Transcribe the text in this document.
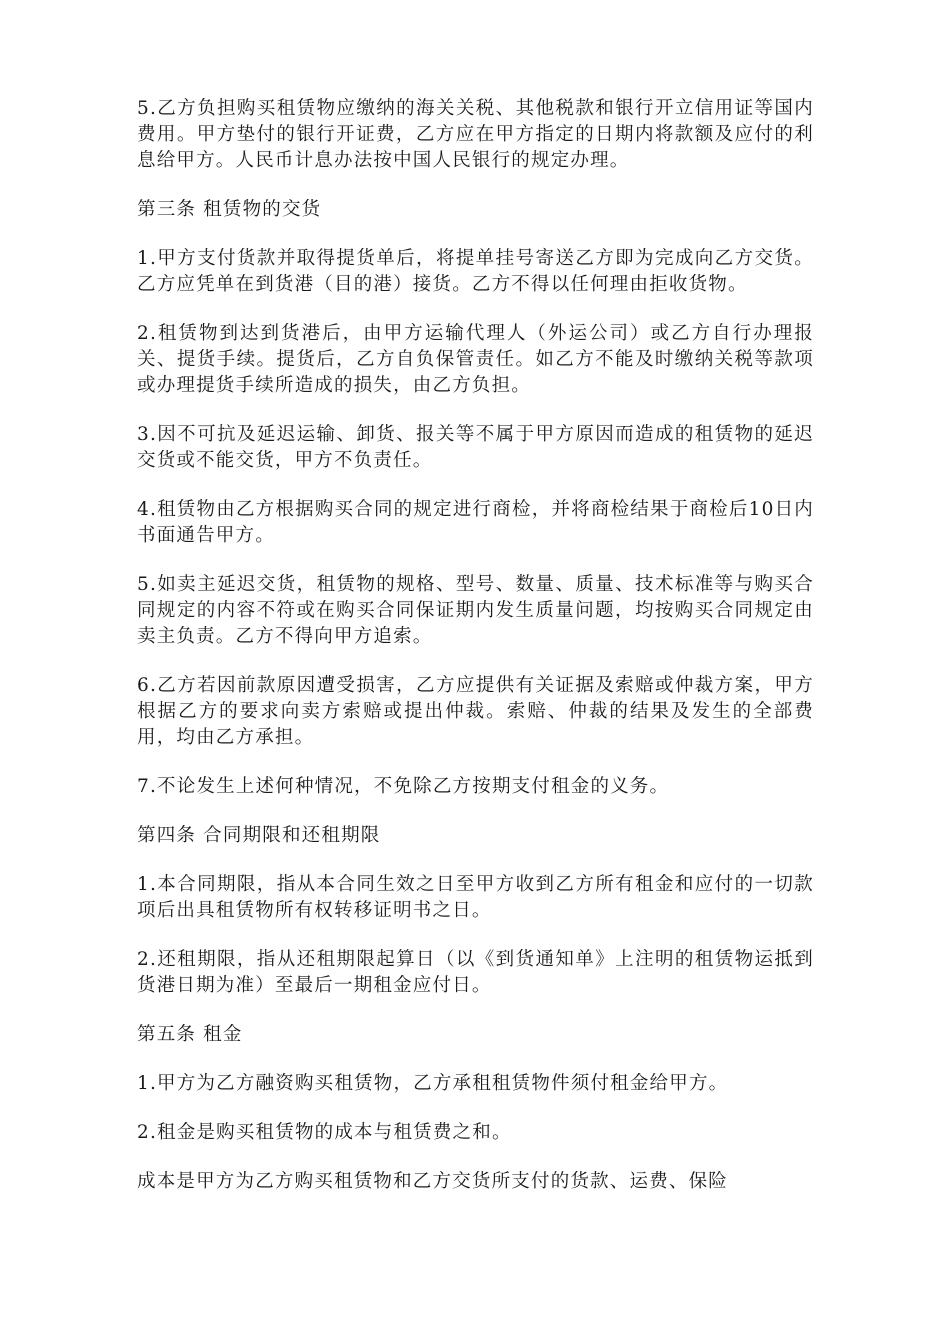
5.乙方负担购买租赁物应缴纳的海关关税、其他税款和银行开立信用证等国内费用。甲方垫付的银行开证费，乙方应在甲方指定的日期内将款额及应付的利息给甲方。人民币计息办法按中国人民银行的规定办理。

第三条 租赁物的交货

1.甲方支付货款并取得提货单后，将提单挂号寄送乙方即为完成向乙方交货。乙方应凭单在到货港（目的港）接货。乙方不得以任何理由拒收货物。

2.租赁物到达到货港后，由甲方运输代理人（外运公司）或乙方自行办理报关、提货手续。提货后，乙方自负保管责任。如乙方不能及时缴纳关税等款项或办理提货手续所造成的损失，由乙方负担。

3.因不可抗及延迟运输、卸货、报关等不属于甲方原因而造成的租赁物的延迟交货或不能交货，甲方不负责任。

4.租赁物由乙方根据购买合同的规定进行商检，并将商检结果于商检后10日内书面通告甲方。

5.如卖主延迟交货，租赁物的规格、型号、数量、质量、技术标准等与购买合同规定的内容不符或在购买合同保证期内发生质量问题，均按购买合同规定由卖主负责。乙方不得向甲方追索。

6.乙方若因前款原因遭受损害，乙方应提供有关证据及索赔或仲裁方案，甲方根据乙方的要求向卖方索赔或提出仲裁。索赔、仲裁的结果及发生的全部费用，均由乙方承担。

7.不论发生上述何种情况，不免除乙方按期支付租金的义务。

第四条 合同期限和还租期限

1.本合同期限，指从本合同生效之日至甲方收到乙方所有租金和应付的一切款项后出具租赁物所有权转移证明书之日。

2.还租期限，指从还租期限起算日（以《到货通知单》上注明的租赁物运抵到货港日期为准）至最后一期租金应付日。

第五条 租金

1.甲方为乙方融资购买租赁物，乙方承租租赁物件须付租金给甲方。

2.租金是购买租赁物的成本与租赁费之和。

成本是甲方为乙方购买租赁物和乙方交货所支付的货款、运费、保险
